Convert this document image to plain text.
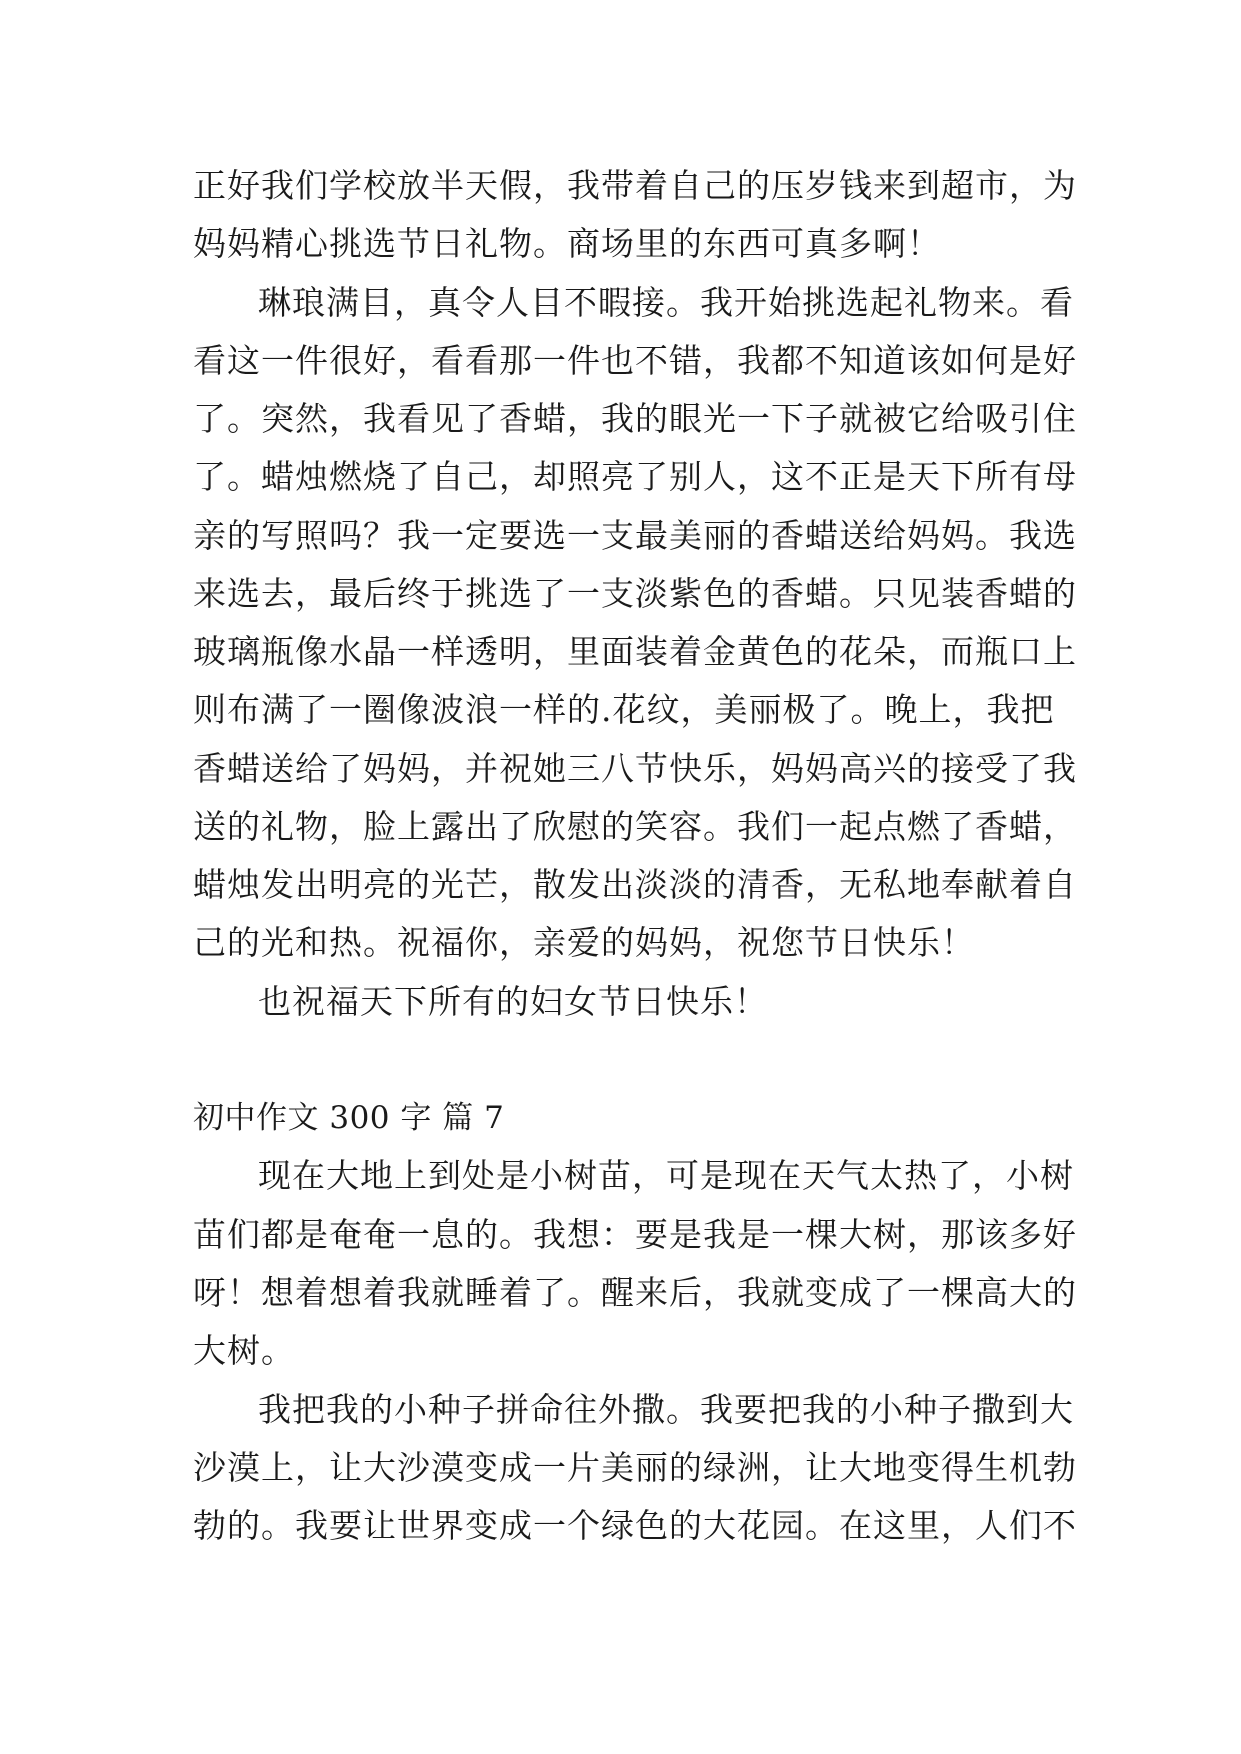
正好我们学校放半天假，我带着自己的压岁钱来到超市，为
妈妈精心挑选节日礼物。商场里的东西可真多啊！
琳琅满目，真令人目不暇接。我开始挑选起礼物来。看
看这一件很好，看看那一件也不错，我都不知道该如何是好
了。突然，我看见了香蜡，我的眼光一下子就被它给吸引住
了。蜡烛燃烧了自己，却照亮了别人，这不正是天下所有母
亲的写照吗？我一定要选一支最美丽的香蜡送给妈妈。我选
来选去，最后终于挑选了一支淡紫色的香蜡。只见装香蜡的
玻璃瓶像水晶一样透明，里面装着金黄色的花朵，而瓶口上
则布满了一圈像波浪一样的.花纹，美丽极了。晚上，我把
香蜡送给了妈妈，并祝她三八节快乐，妈妈高兴的接受了我
送的礼物，脸上露出了欣慰的笑容。我们一起点燃了香蜡，
蜡烛发出明亮的光芒，散发出淡淡的清香，无私地奉献着自
己的光和热。祝福你，亲爱的妈妈，祝您节日快乐！
也祝福天下所有的妇女节日快乐！
初中作文 300 字 篇 7
现在大地上到处是小树苗，可是现在天气太热了，小树
苗们都是奄奄一息的。我想：要是我是一棵大树，那该多好
呀！想着想着我就睡着了。醒来后，我就变成了一棵高大的
大树。
我把我的小种子拼命往外撒。我要把我的小种子撒到大
沙漠上，让大沙漠变成一片美丽的绿洲，让大地变得生机勃
勃的。我要让世界变成一个绿色的大花园。在这里，人们不
